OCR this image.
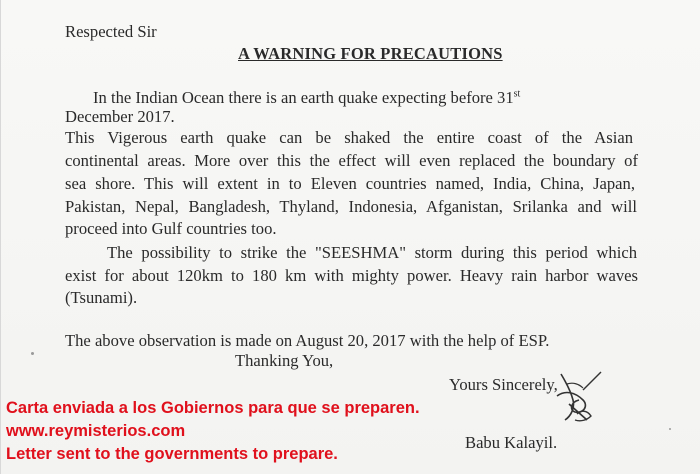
Respected Sir
A WARNING FOR PRECAUTIONS
In the Indian Ocean there is an earth quake expecting before 31st
December 2017.
This Vigerous earth quake can be shaked the entire coast of the Asian
continental areas. More over this the effect will even replaced the boundary of
sea shore. This will extent in to Eleven countries named, India, China, Japan,
Pakistan, Nepal, Bangladesh, Thyland, Indonesia, Afganistan, Srilanka and will
proceed into Gulf countries too.
The possibility to strike the "SEESHMA" storm during this period which
exist for about 120km to 180 km with mighty power. Heavy rain harbor waves
(Tsunami).
The above observation is made on August 20, 2017 with the help of ESP.
Thanking You,
Yours Sincerely,
Babu Kalayil.
Carta enviada a los Gobiernos para que se preparen.
www.reymisterios.com
Letter sent to the governments to prepare.
